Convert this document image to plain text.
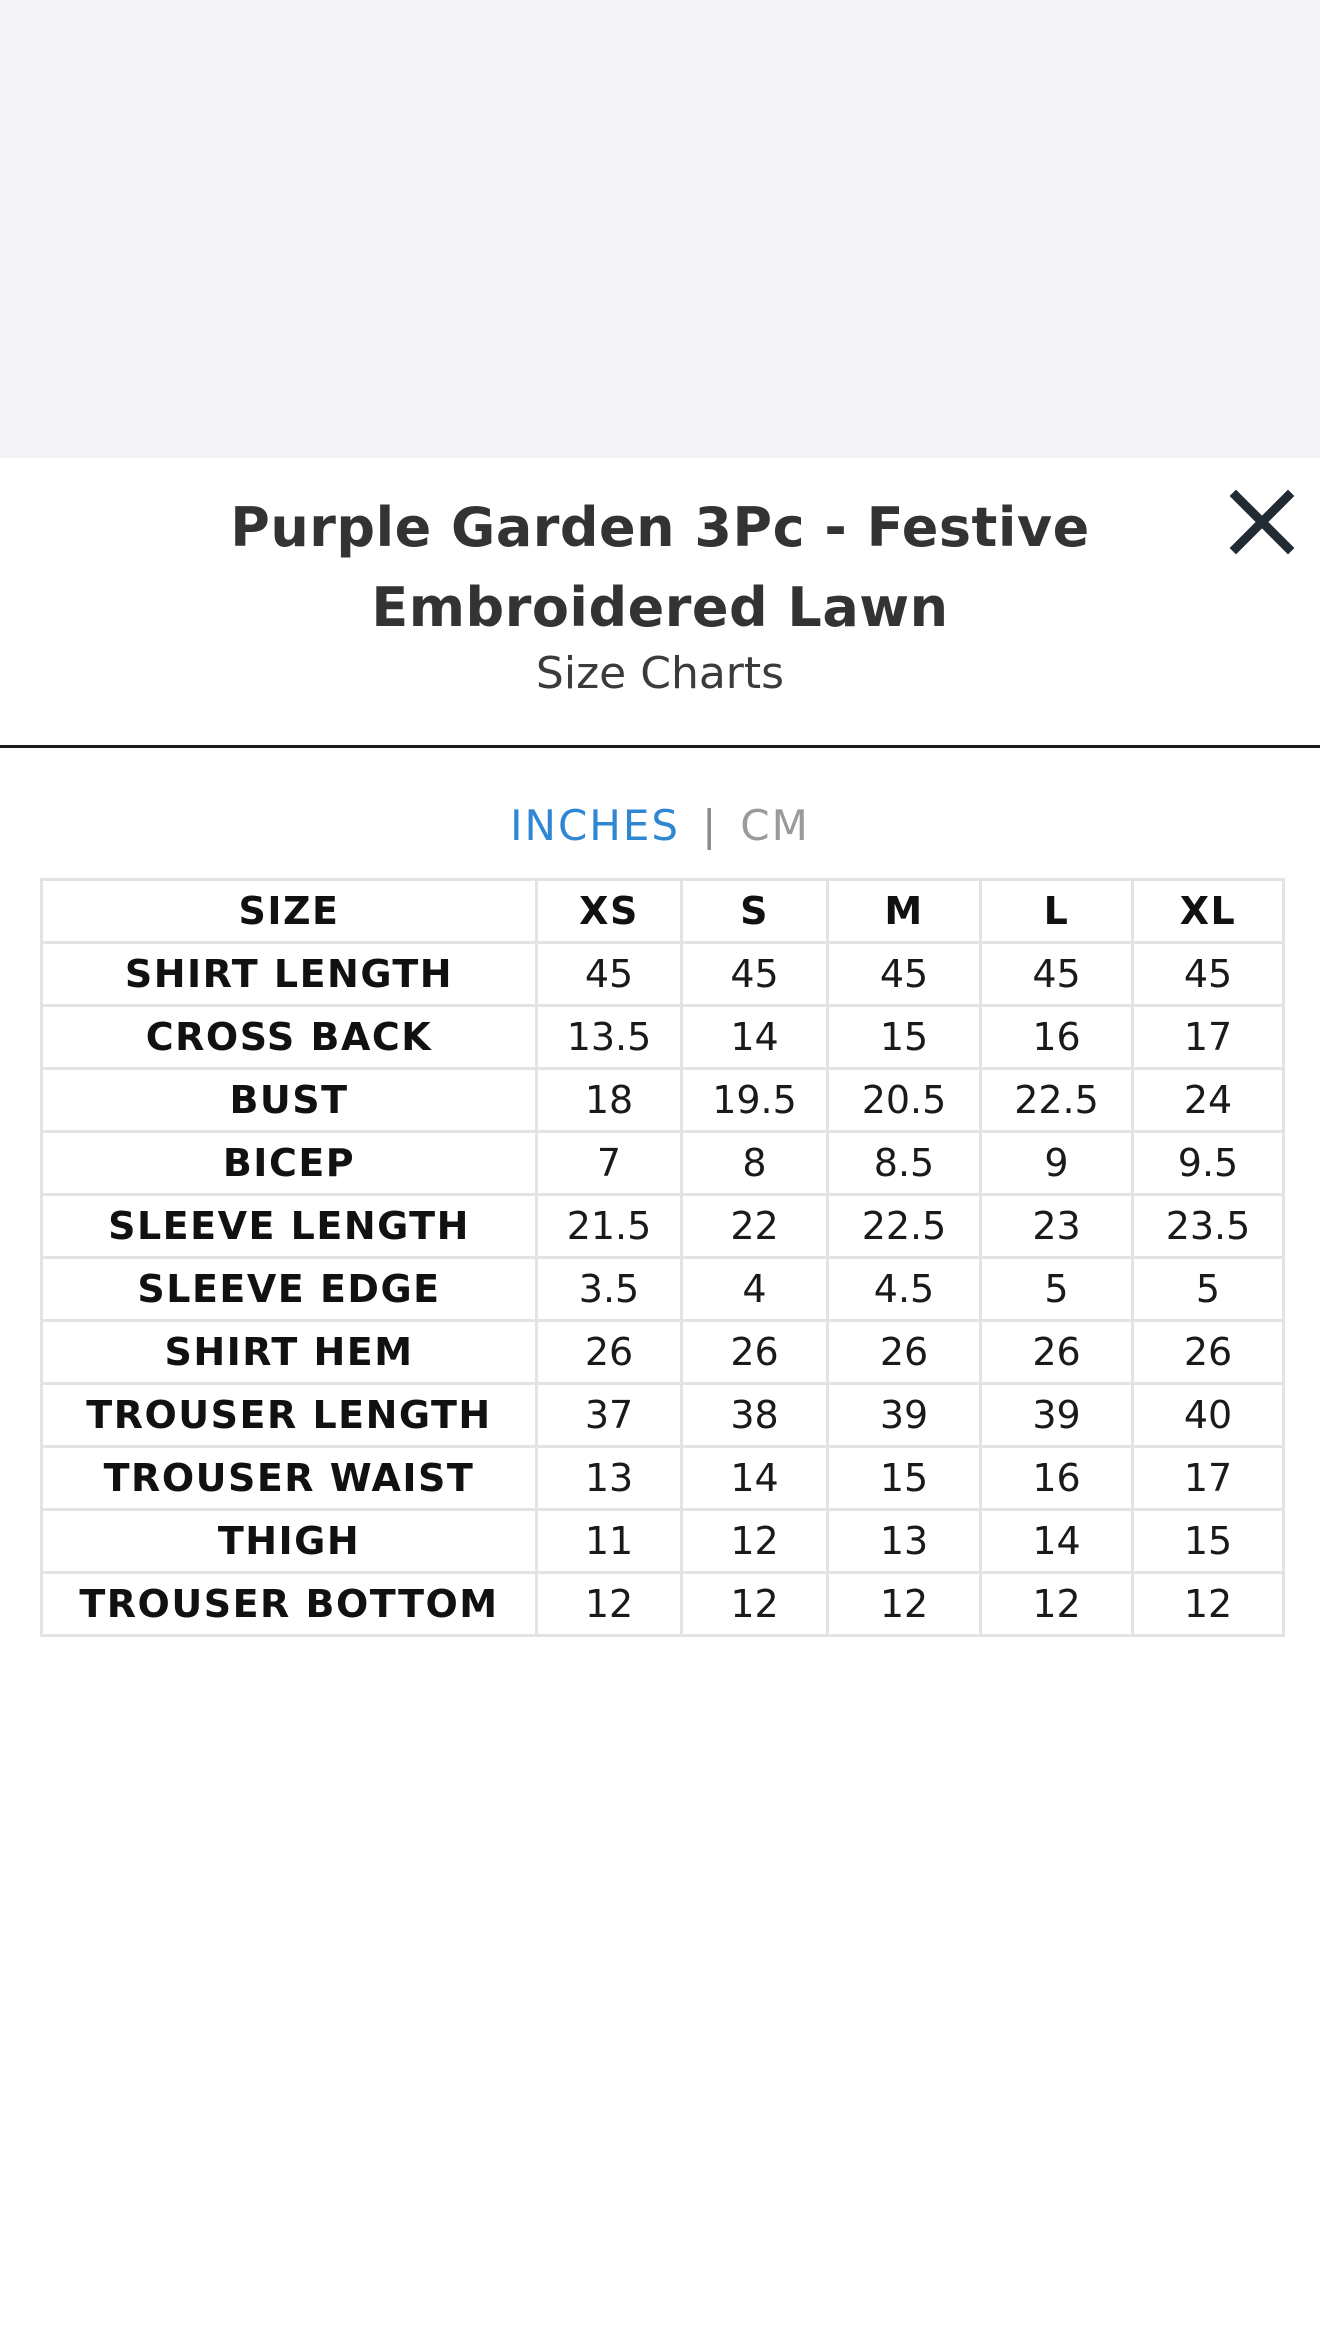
Purple Garden 3Pc - Festive Embroidered Lawn
Size Charts
INCHES | CM
SIZE	XS	S	M	L	XL
SHIRT LENGTH	45	45	45	45	45
CROSS BACK	13.5	14	15	16	17
BUST	18	19.5	20.5	22.5	24
BICEP	7	8	8.5	9	9.5
SLEEVE LENGTH	21.5	22	22.5	23	23.5
SLEEVE EDGE	3.5	4	4.5	5	5
SHIRT HEM	26	26	26	26	26
TROUSER LENGTH	37	38	39	39	40
TROUSER WAIST	13	14	15	16	17
THIGH	11	12	13	14	15
TROUSER BOTTOM	12	12	12	12	12
